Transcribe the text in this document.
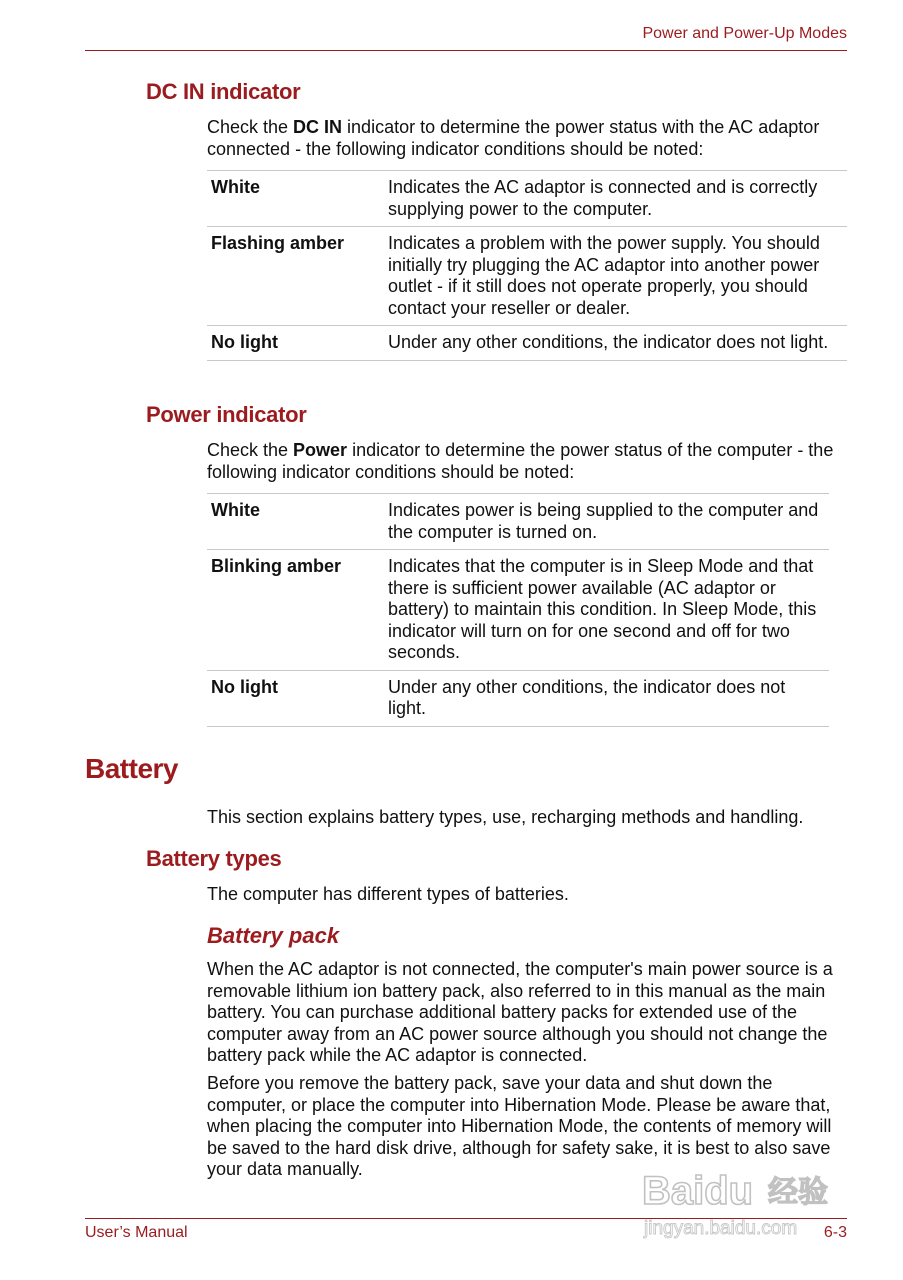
Power and Power-Up Modes
DC IN indicator

Check the DC IN indicator to determine the power status with the AC adaptor connected - the following indicator conditions should be noted:

White	Indicates the AC adaptor is connected and is correctly supplying power to the computer.
Flashing amber	Indicates a problem with the power supply. You should initially try plugging the AC adaptor into another power outlet - if it still does not operate properly, you should contact your reseller or dealer.
No light	Under any other conditions, the indicator does not light.
Power indicator

Check the Power indicator to determine the power status of the computer - the following indicator conditions should be noted:

White	Indicates power is being supplied to the computer and the computer is turned on.
Blinking amber	Indicates that the computer is in Sleep Mode and that there is sufficient power available (AC adaptor or battery) to maintain this condition. In Sleep Mode, this indicator will turn on for one second and off for two seconds.
No light	Under any other conditions, the indicator does not light.
Battery

This section explains battery types, use, recharging methods and handling.

Battery types

The computer has different types of batteries.

Battery pack

When the AC adaptor is not connected, the computer's main power source is a removable lithium ion battery pack, also referred to in this manual as the main battery. You can purchase additional battery packs for extended use of the computer away from an AC power source although you should not change the battery pack while the AC adaptor is connected.

Before you remove the battery pack, save your data and shut down the computer, or place the computer into Hibernation Mode. Please be aware that, when placing the computer into Hibernation Mode, the contents of memory will be saved to the hard disk drive, although for safety sake, it is best to also save your data manually.

User’s Manual	6-3
Baidu 经验
jingyan.baidu.com
